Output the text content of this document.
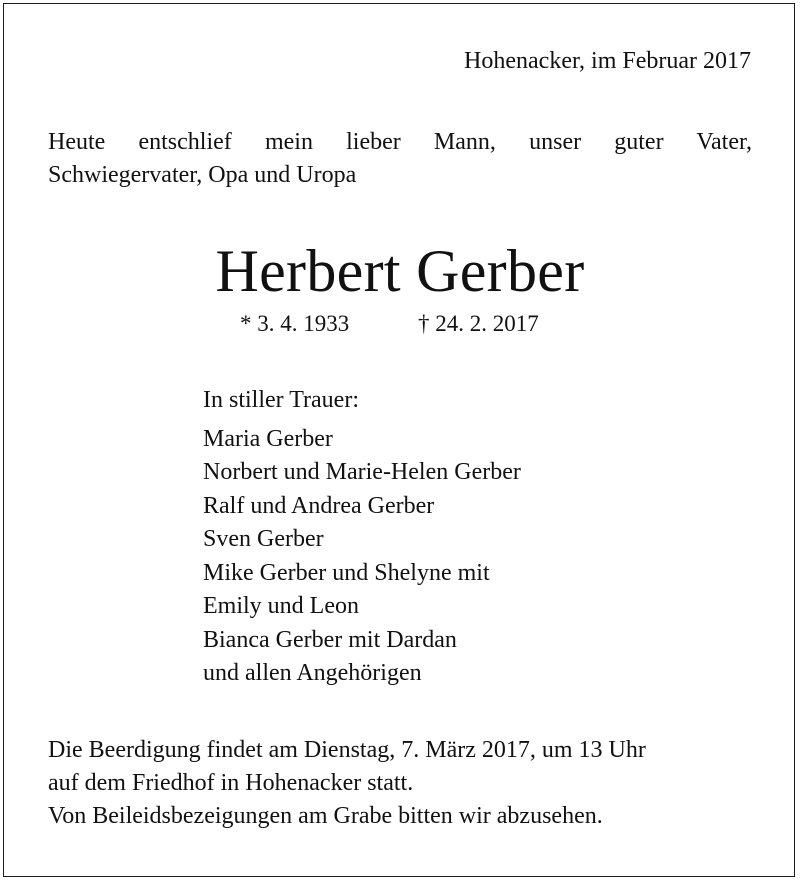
Hohenacker, im Februar 2017

Heute entschlief mein lieber Mann, unser guter Vater,
Schwiegervater, Opa und Uropa

Herbert Gerber
* 3. 4. 1933	† 24. 2. 2017
In stiller Trauer:
Maria Gerber
Norbert und Marie-Helen Gerber
Ralf und Andrea Gerber
Sven Gerber
Mike Gerber und Shelyne mit
Emily und Leon
Bianca Gerber mit Dardan
und allen Angehörigen
Die Beerdigung findet am Dienstag, 7. März 2017, um 13 Uhr
auf dem Friedhof in Hohenacker statt.
Von Beileidsbezeigungen am Grabe bitten wir abzusehen.
